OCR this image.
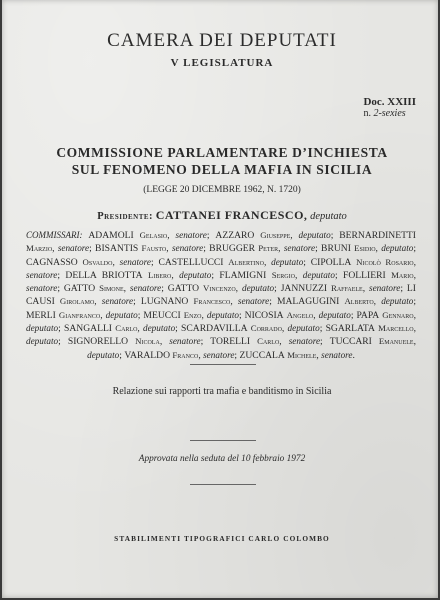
CAMERA DEI DEPUTATI
V LEGISLATURA
Doc. XXIII
n. 2-sexies
COMMISSIONE PARLAMENTARE D’INCHIESTA
SUL FENOMENO DELLA MAFIA IN SICILIA
(LEGGE 20 DICEMBRE 1962, N. 1720)
Presidente: CATTANEI FRANCESCO, deputato
COMMISSARI: ADAMOLI Gelasio, senatore; AZZARO Giuseppe, deputato; BERNARDINETTI Marzio, senatore; BISANTIS Fausto, senatore; BRUGGER Peter, senatore; BRUNI Esidio, deputato; CAGNASSO Osvaldo, senatore; CASTELLUCCI Albertino, deputato; CIPOLLA Nicolò Rosario, senatore; DELLA BRIOTTA Libero, deputato; FLAMIGNI Sergio, deputato; FOLLIERI Mario, senatore; GATTO Simone, senatore; GATTO Vincenzo, deputato; JANNUZZI Raffaele, senatore; LI CAUSI Girolamo, senatore; LUGNANO Francesco, senatore; MALAGUGINI Alberto, deputato; MERLI Gianfranco, deputato; MEUCCI Enzo, deputato; NICOSIA Angelo, deputato; PAPA Gennaro, deputato; SANGALLI Carlo, deputato; SCARDAVILLA Corrado, deputato; SGARLATA Marcello, deputato; SIGNORELLO Nicola, senatore; TORELLI Carlo, senatore; TUCCARI Emanuele, deputato; VARALDO Franco, senatore; ZUCCALA Michele, senatore.
Relazione sui rapporti tra mafia e banditismo in Sicilia
Approvata nella seduta del 10 febbraio 1972
STABILIMENTI TIPOGRAFICI CARLO COLOMBO
